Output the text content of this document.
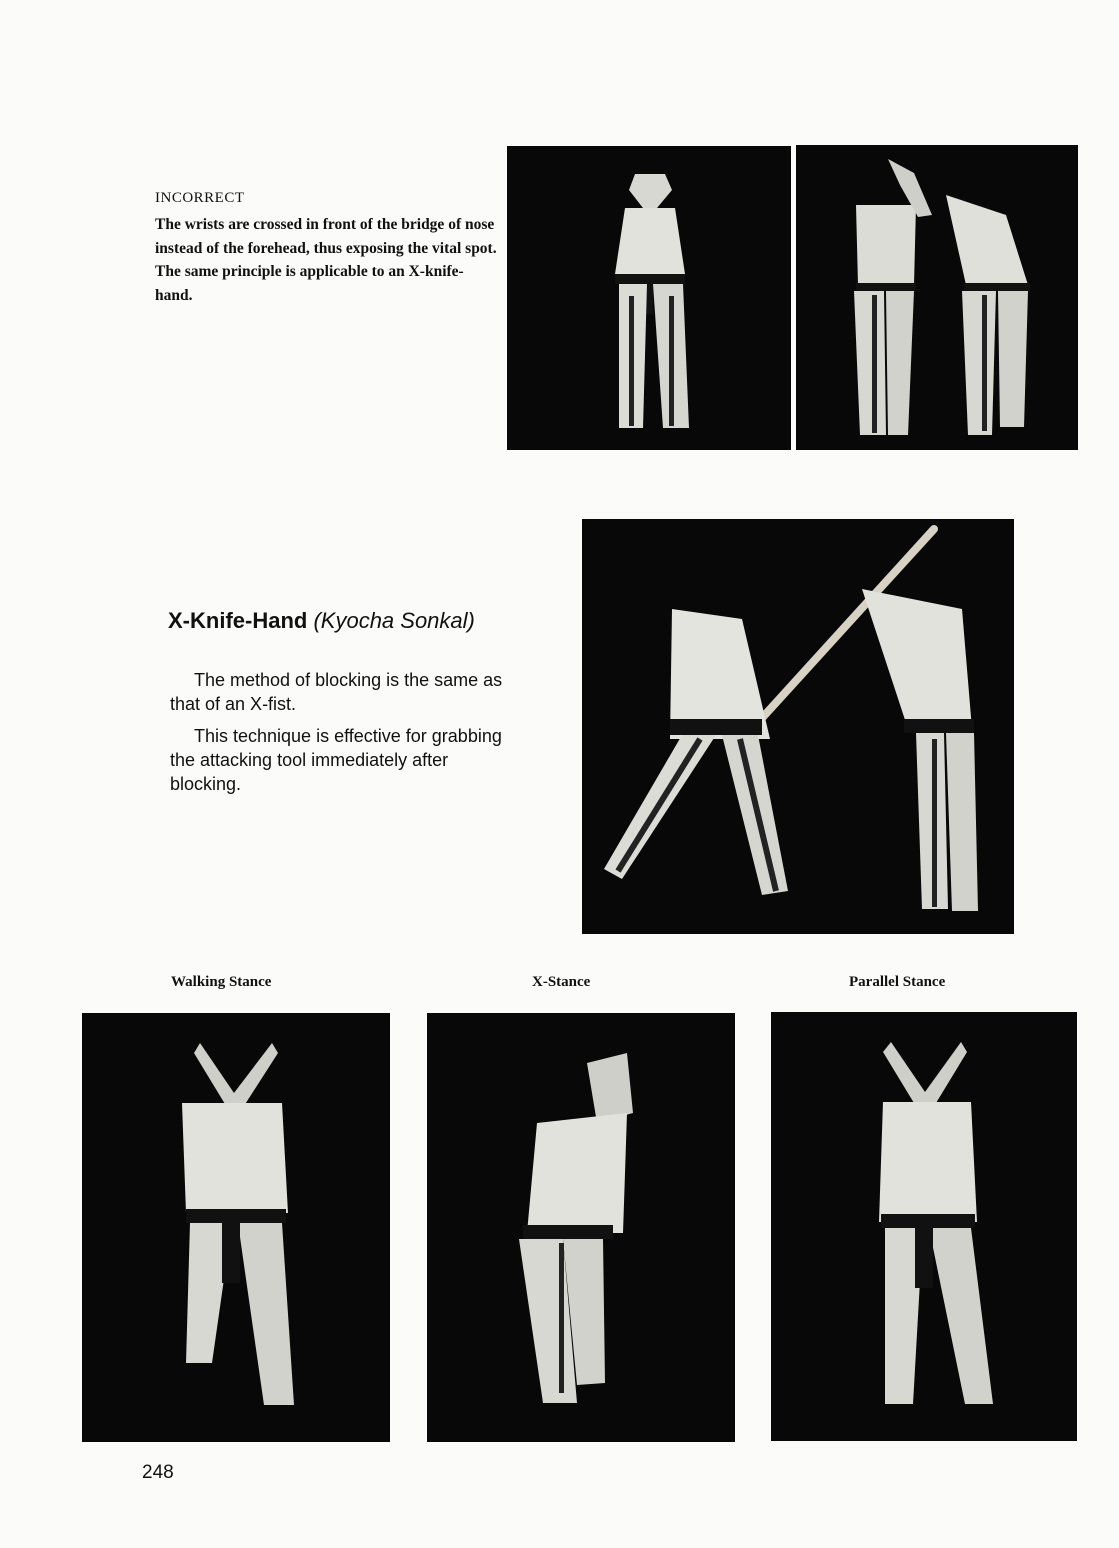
INCORRECT
The wrists are crossed in front of the bridge of nose instead of the forehead, thus exposing the vital spot. The same principle is applicable to an X-knife-hand.
X-Knife-Hand (Kyocha Sonkal)
The method of blocking is the same as that of an X-fist.
This technique is effective for grabbing the attacking tool immediately after blocking.
Walking Stance	X-Stance	Parallel Stance
248
